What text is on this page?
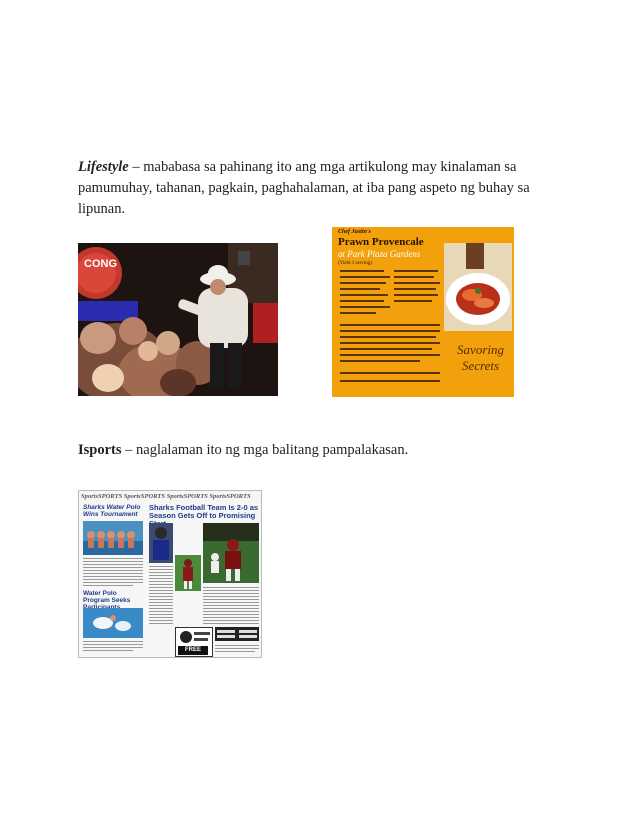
Lifestyle – mababasa sa pahinang ito ang mga artikulong may kinalaman sa pamumuhay, tahanan, pagkain, paghahalaman, at iba pang aspeto ng buhay sa lipunan.

CONG
Chef Justin's
Prawn Provencale
at Park Plaza Gardens
(Yield 1 serving)
Savoring
Secrets

Isports – naglalaman ito ng mga balitang pampalakasan.

SportsSPORTS SportsSPORTS SportsSPORTS SportsSPORTS
Sharks Water Polo Wins Tournament
Sharks Football Team Is 2-0 as Season Gets Off to Promising
Water Polo Program Seeks
FREE
